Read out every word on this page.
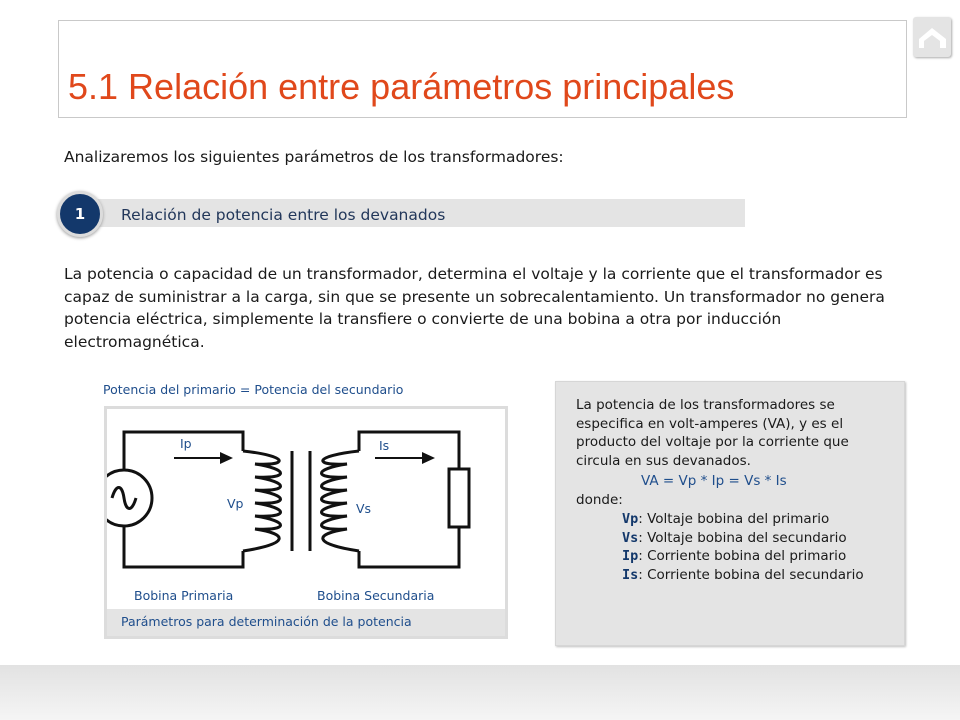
5.1 Relación entre parámetros principales
Analizaremos los siguientes parámetros de los transformadores:
Relación de potencia entre los devanados
1
La potencia o capacidad de un transformador, determina el voltaje y la corriente que el transformador es capaz de suministrar a la carga, sin que se presente un sobrecalentamiento. Un transformador no genera potencia eléctrica, simplemente la transfiere o convierte de una bobina a otra por inducción electromagnética.
Potencia del primario = Potencia del secundario
Ip	Is
Vp	Vs
Bobina Primaria	Bobina Secundaria
Parámetros para determinación de la potencia
La potencia de los transformadores se especifica en volt-amperes (VA), y es el producto del voltaje por la corriente que circula en sus devanados.
VA = Vp * Ip = Vs * Is
donde:
Vp: Voltaje bobina del primario
Vs: Voltaje bobina del secundario
Ip: Corriente bobina del primario
Is: Corriente bobina del secundario
